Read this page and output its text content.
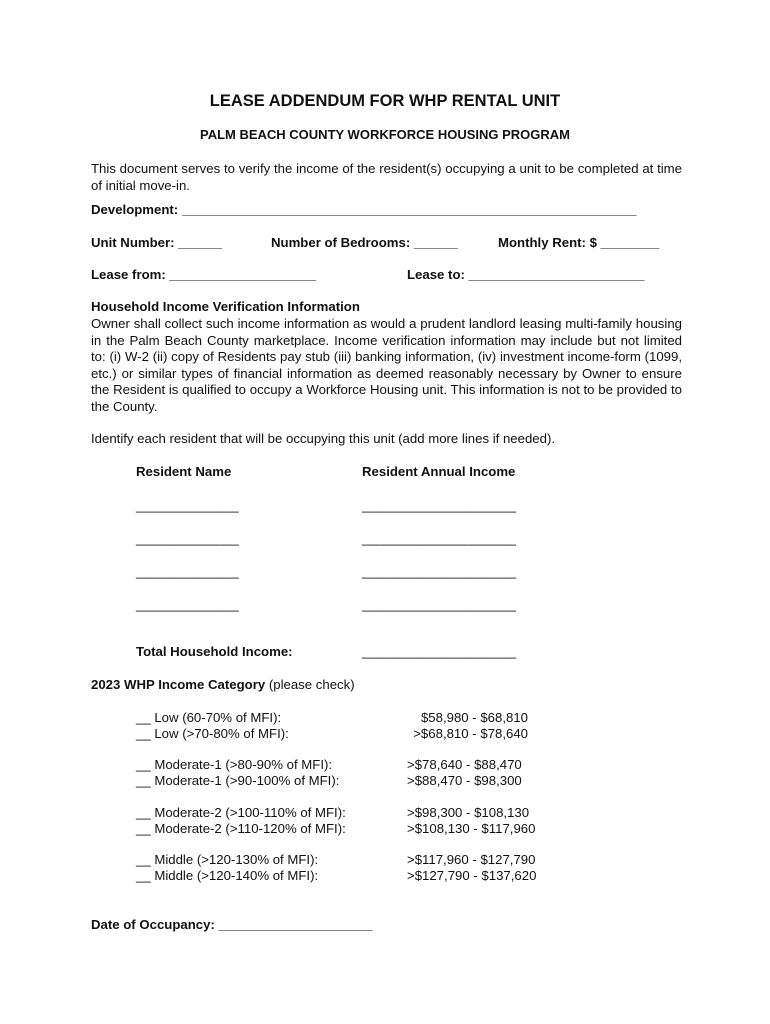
LEASE ADDENDUM FOR WHP RENTAL UNIT
PALM BEACH COUNTY WORKFORCE HOUSING PROGRAM
This document serves to verify the income of the resident(s) occupying a unit to be completed at time of initial move-in.
Development: ______________________________________________________________
Unit Number: ______	Number of Bedrooms: ______	Monthly Rent: $ ________
Lease from: ____________________	Lease to: ________________________
Household Income Verification Information
Owner shall collect such income information as would a prudent landlord leasing multi-family housing in the Palm Beach County marketplace. Income verification information may include but not limited to: (i) W-2 (ii) copy of Residents pay stub (iii) banking information, (iv) investment income-form (1099, etc.) or similar types of financial information as deemed reasonably necessary by Owner to ensure the Resident is qualified to occupy a Workforce Housing unit. This information is not to be provided to the County.
Identify each resident that will be occupying this unit (add more lines if needed).
Resident Name	Resident Annual Income
______________	_____________________
______________	_____________________
______________	_____________________
______________	_____________________
Total Household Income:	_____________________
2023 WHP Income Category (please check)
__ Low (60-70% of MFI):	$58,980 - $68,810
__ Low (>70-80% of MFI):	>$68,810 - $78,640
__ Moderate-1 (>80-90% of MFI):	>$78,640 - $88,470
__ Moderate-1 (>90-100% of MFI):	>$88,470 - $98,300
__ Moderate-2 (>100-110% of MFI):	>$98,300 - $108,130
__ Moderate-2 (>110-120% of MFI):	>$108,130 - $117,960
__ Middle (>120-130% of MFI):	>$117,960 - $127,790
__ Middle (>120-140% of MFI):	>$127,790 - $137,620
Date of Occupancy: _____________________
